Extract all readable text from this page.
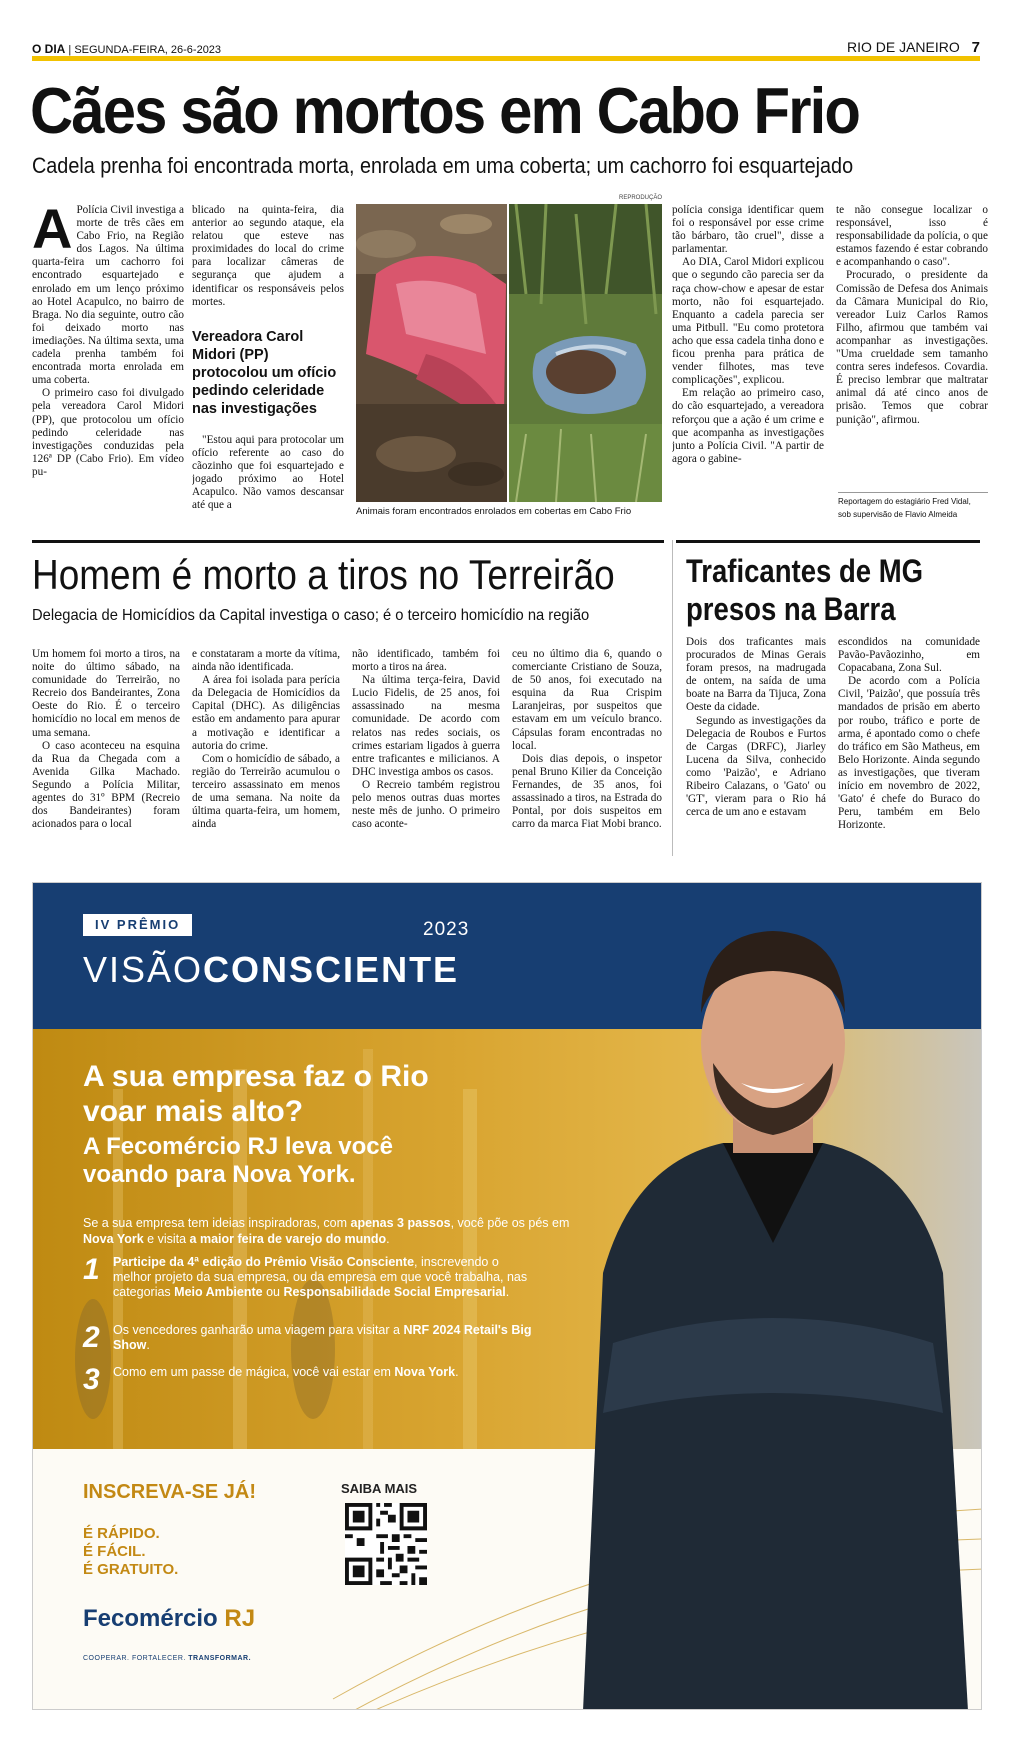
O DIA | SEGUNDA-FEIRA, 26-6-2023	RIO DE JANEIRO 7
Cães são mortos em Cabo Frio
Cadela prenha foi encontrada morta, enrolada em uma coberta; um cachorro foi esquartejado

A Polícia Civil investiga a morte de três cães em Cabo Frio, na Região dos Lagos. Na última quarta-feira um cachorro foi encontrado esquartejado e enrolado em um lenço próximo ao Hotel Acapulco, no bairro de Braga. No dia seguinte, outro cão foi deixado morto nas imediações. Na última sexta, uma cadela prenha também foi encontrada morta enrolada em uma coberta.

O primeiro caso foi divulgado pela vereadora Carol Midori (PP), que protocolou um ofício pedindo celeridade nas investigações conduzidas pela 126ª DP (Cabo Frio). Em vídeo pu-

blicado na quinta-feira, dia anterior ao segundo ataque, ela relatou que esteve nas proximidades do local do crime para localizar câmeras de segurança que ajudem a identificar os responsáveis pelos mortes.

Vereadora Carol Midori (PP) protocolou um ofício pedindo celeridade nas investigações

"Estou aqui para protocolar um ofício referente ao caso do cãozinho que foi esquartejado e jogado próximo ao Hotel Acapulco. Não vamos descansar até que a

REPRODUÇÃO
Animais foram encontrados enrolados em cobertas em Cabo Frio

polícia consiga identificar quem foi o responsável por esse crime tão bárbaro, tão cruel", disse a parlamentar.

Ao DIA, Carol Midori explicou que o segundo cão parecia ser da raça chow-chow e apesar de estar morto, não foi esquartejado. Enquanto a cadela parecia ser uma Pitbull. "Eu como protetora acho que essa cadela tinha dono e ficou prenha para prática de vender filhotes, mas teve complicações", explicou.

Em relação ao primeiro caso, do cão esquartejado, a vereadora reforçou que a ação é um crime e que acompanha as investigações junto a Polícia Civil. "A partir de agora o gabine-

te não consegue localizar o responsável, isso é responsabilidade da polícia, o que estamos fazendo é estar cobrando e acompanhando o caso".

Procurado, o presidente da Comissão de Defesa dos Animais da Câmara Municipal do Rio, vereador Luiz Carlos Ramos Filho, afirmou que também vai acompanhar as investigações. "Uma crueldade sem tamanho contra seres indefesos. Covardia. É preciso lembrar que maltratar animal dá até cinco anos de prisão. Temos que cobrar punição", afirmou.

Reportagem do estagiário Fred Vidal,
sob supervisão de Flavio Almeida
Homem é morto a tiros no Terreirão
Delegacia de Homicídios da Capital investiga o caso; é o terceiro homicídio na região

Um homem foi morto a tiros, na noite do último sábado, na comunidade do Terreirão, no Recreio dos Bandeirantes, Zona Oeste do Rio. É o terceiro homicídio no local em menos de uma semana.

O caso aconteceu na esquina da Rua da Chegada com a Avenida Gilka Machado. Segundo a Polícia Militar, agentes do 31º BPM (Recreio dos Bandeirantes) foram acionados para o local

e constataram a morte da vítima, ainda não identificada.

A área foi isolada para perícia da Delegacia de Homicídios da Capital (DHC). As diligências estão em andamento para apurar a motivação e identificar a autoria do crime.

Com o homicídio de sábado, a região do Terreirão acumulou o terceiro assassinato em menos de uma semana. Na noite da última quarta-feira, um homem, ainda

não identificado, também foi morto a tiros na área.

Na última terça-feira, David Lucio Fidelis, de 25 anos, foi assassinado na mesma comunidade. De acordo com relatos nas redes sociais, os crimes estariam ligados à guerra entre traficantes e milicianos. A DHC investiga ambos os casos.

O Recreio também registrou pelo menos outras duas mortes neste mês de junho. O primeiro caso aconte-

ceu no último dia 6, quando o comerciante Cristiano de Souza, de 50 anos, foi executado na esquina da Rua Crispim Laranjeiras, por suspeitos que estavam em um veículo branco. Cápsulas foram encontradas no local.

Dois dias depois, o inspetor penal Bruno Kilier da Conceição Fernandes, de 35 anos, foi assassinado a tiros, na Estrada do Pontal, por dois suspeitos em carro da marca Fiat Mobi branco.

Traficantes de MG
presos na Barra

Dois dos traficantes mais procurados de Minas Gerais foram presos, na madrugada de ontem, na saída de uma boate na Barra da Tijuca, Zona Oeste da cidade.

Segundo as investigações da Delegacia de Roubos e Furtos de Cargas (DRFC), Jiarley Lucena da Silva, conhecido como 'Paizão', e Adriano Ribeiro Calazans, o 'Gato' ou 'GT', vieram para o Rio há cerca de um ano e estavam

escondidos na comunidade Pavão-Pavãozinho, em Copacabana, Zona Sul.

De acordo com a Polícia Civil, 'Paizão', que possuía três mandados de prisão em aberto por roubo, tráfico e porte de arma, é apontado como o chefe do tráfico em São Matheus, em Belo Horizonte. Ainda segundo as investigações, que tiveram início em novembro de 2022, 'Gato' é chefe do Buraco do Peru, também em Belo Horizonte.

IV PRÊMIO	2023
VISÃOCONSCIENTE
A sua empresa faz o Rio
voar mais alto?
A Fecomércio RJ leva você
voando para Nova York.
Se a sua empresa tem ideias inspiradoras, com apenas 3 passos, você põe os pés em Nova York e visita a maior feira de varejo do mundo.
1	Participe da 4ª edição do Prêmio Visão Consciente, inscrevendo o melhor projeto da sua empresa, ou da empresa em que você trabalha, nas categorias Meio Ambiente ou Responsabilidade Social Empresarial.
2	Os vencedores ganharão uma viagem para visitar a NRF 2024 Retail's Big Show.
3	Como em um passe de mágica, você vai estar em Nova York.
INSCREVA-SE JÁ!
É RÁPIDO.
É FÁCIL.
É GRATUITO.
SAIBA MAIS
Fecomércio RJ
COOPERAR. FORTALECER. TRANSFORMAR.
